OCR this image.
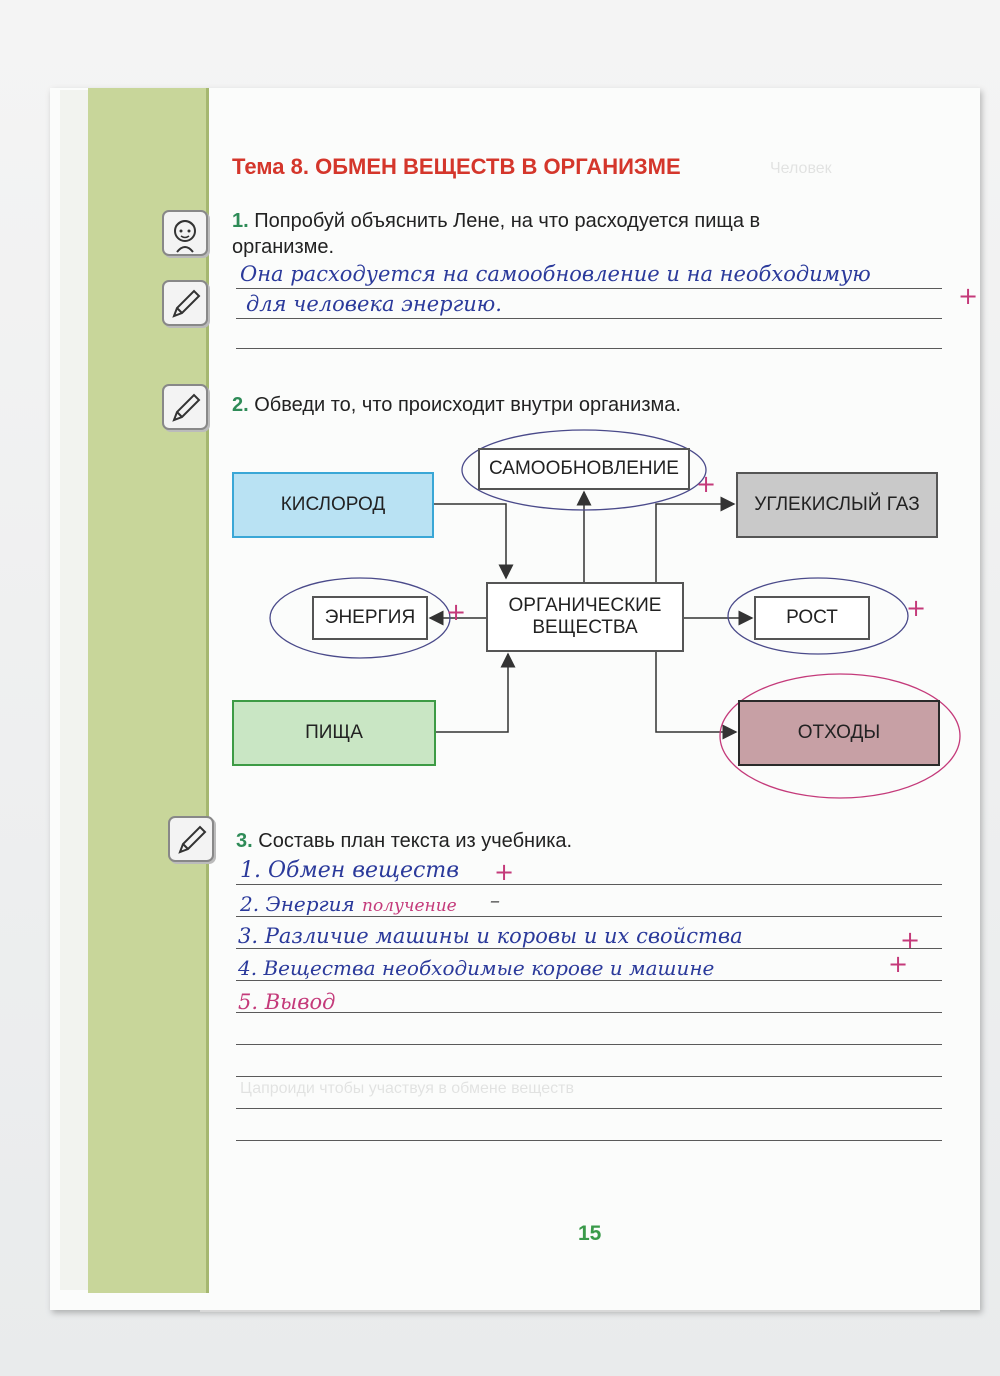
Человек
Цапроиди чтобы участвуя в обмене веществ
Тема 8. ОБМЕН ВЕЩЕСТВ В ОРГАНИЗМЕ
1. Попробуй объяснить Лене, на что расходуется пища в
организме.
Она расходуется на самообновление и на необходимую
для человека энергию.	+
2. Обведи то, что происходит внутри организма.
КИСЛОРОД
САМООБНОВЛЕНИЕ
УГЛЕКИСЛЫЙ ГАЗ
ЭНЕРГИЯ
ОРГАНИЧЕСКИЕ
ВЕЩЕСТВА	РОСТ
ПИЩА	ОТХОДЫ
+
+	+
3. Составь план текста из учебника.
1. Обмен веществ +
2. Энергия получение –
3. Различие машины и коровы и их свойства	+
4. Вещества необходимые корове и машине	+
5. Вывод
15
